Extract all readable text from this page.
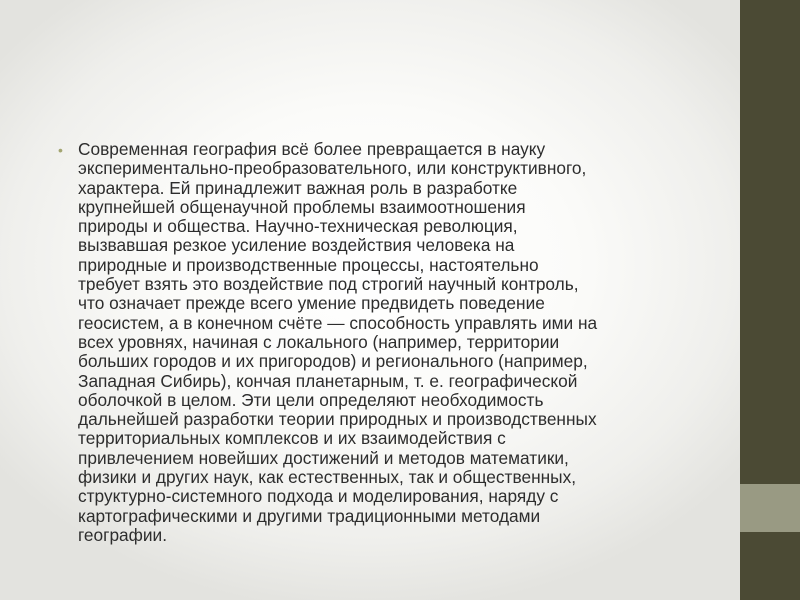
• Современная география всё более превращается в науку
экспериментально-преобразовательного, или конструктивного,
характера. Ей принадлежит важная роль в разработке
крупнейшей общенаучной проблемы взаимоотношения
природы и общества. Научно-техническая революция,
вызвавшая резкое усиление воздействия человека на
природные и производственные процессы, настоятельно
требует взять это воздействие под строгий научный контроль,
что означает прежде всего умение предвидеть поведение
геосистем, а в конечном счёте — способность управлять ими на
всех уровнях, начиная с локального (например, территории
больших городов и их пригородов) и регионального (например,
Западная Сибирь), кончая планетарным, т. е. географической
оболочкой в целом. Эти цели определяют необходимость
дальнейшей разработки теории природных и производственных
территориальных комплексов и их взаимодействия с
привлечением новейших достижений и методов математики,
физики и других наук, как естественных, так и общественных,
структурно-системного подхода и моделирования, наряду с
картографическими и другими традиционными методами
географии.
